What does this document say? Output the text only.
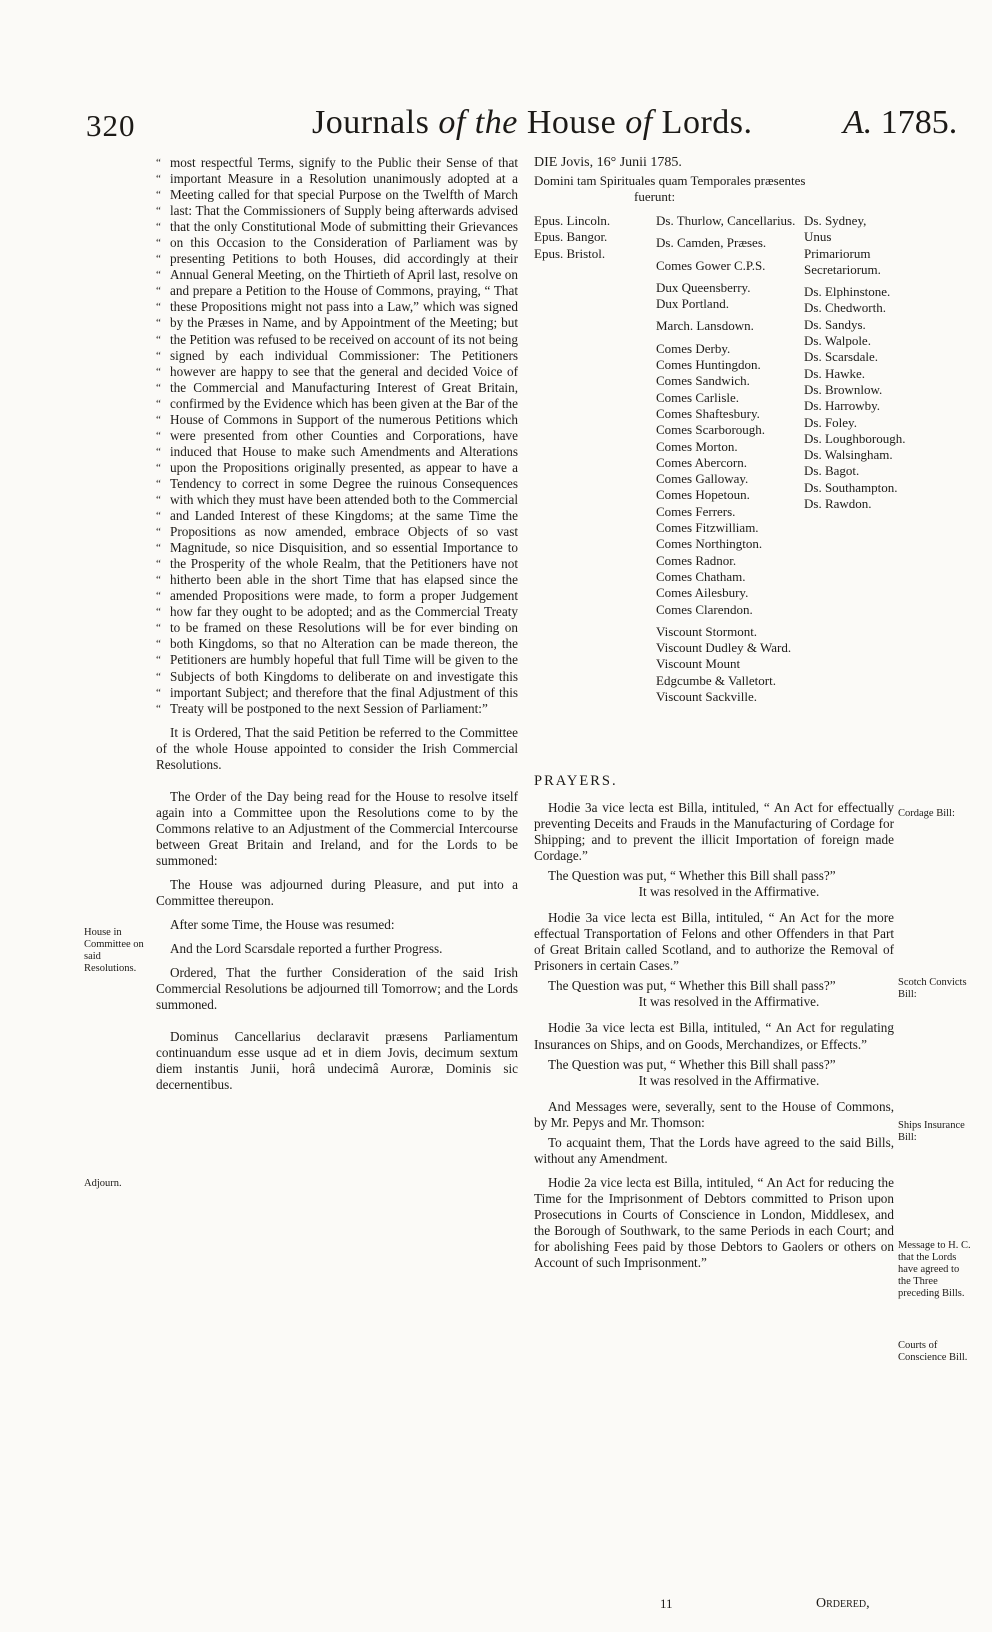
320	Journals of the House of Lords.	A. 1785.

“ “ “ “ “ “ “ “ “ “ “ “ “ “ “ “ “ “ “ “ “ “ “ “ “ “ “ “ “ “ “ “ “ “ “ “ “ “ “ “ “ “ “ “ most respectful Terms, signify to the Public their Sense of that important Measure in a Resolution unanimously adopted at a Meeting called for that special Purpose on the Twelfth of March last: That the Commissioners of Supply being afterwards advised that the only Constitutional Mode of submitting their Grievances on this Occasion to the Consideration of Parliament was by presenting Petitions to both Houses, did accordingly at their Annual General Meeting, on the Thirtieth of April last, resolve on and prepare a Petition to the House of Commons, praying, “ That these Propositions might not pass into a Law,” which was signed by the Præses in Name, and by Appointment of the Meeting; but the Petition was refused to be received on account of its not being signed by each individual Commissioner: The Petitioners however are happy to see that the general and decided Voice of the Commercial and Manufacturing Interest of Great Britain, confirmed by the Evidence which has been given at the Bar of the House of Commons in Support of the numerous Petitions which were presented from other Counties and Corporations, have induced that House to make such Amendments and Alterations upon the Propositions originally presented, as appear to have a Tendency to correct in some Degree the ruinous Consequences with which they must have been attended both to the Commercial and Landed Interest of these Kingdoms; at the same Time the Propositions as now amended, embrace Objects of so vast Magnitude, so nice Disquisition, and so essential Importance to the Prosperity of the whole Realm, that the Petitioners have not hitherto been able in the short Time that has elapsed since the amended Propositions were made, to form a proper Judgement how far they ought to be adopted; and as the Commercial Treaty to be framed on these Resolutions will be for ever binding on both Kingdoms, so that no Alteration can be made thereon, the Petitioners are humbly hopeful that full Time will be given to the Subjects of both Kingdoms to deliberate on and investigate this important Subject; and therefore that the final Adjustment of this Treaty will be postponed to the next Session of Parliament:”

It is Ordered, That the said Petition be referred to the Committee of the whole House appointed to consider the Irish Commercial Resolutions.

The Order of the Day being read for the House to resolve itself again into a Committee upon the Resolutions come to by the Commons relative to an Adjustment of the Commercial Intercourse between Great Britain and Ireland, and for the Lords to be summoned:

The House was adjourned during Pleasure, and put into a Committee thereupon.

After some Time, the House was resumed:

And the Lord Scarsdale reported a further Progress.

Ordered, That the further Consideration of the said Irish Commercial Resolutions be adjourned till Tomorrow; and the Lords summoned.

Dominus Cancellarius declaravit præsens Parliamentum continuandum esse usque ad et in diem Jovis, decimum sextum diem instantis Junii, horâ undecimâ Auroræ, Dominis sic decernentibus.

House in Committee on said Resolutions.
Adjourn.

DIE Jovis, 16° Junii 1785.

Domini tam Spirituales quam Temporales præsentes

fuerunt:

Epus. Lincoln.
Epus. Bangor.
Epus. Bristol.
Ds. Thurlow, Cancellarius.
Ds. Camden, Præses.
Comes Gower C.P.S.
Dux Queensberry.
Dux Portland.
March. Lansdown.
Comes Derby.
Comes Huntingdon.
Comes Sandwich.
Comes Carlisle.
Comes Shaftesbury.
Comes Scarborough.
Comes Morton.
Comes Abercorn.
Comes Galloway.
Comes Hopetoun.
Comes Ferrers.
Comes Fitzwilliam.
Comes Northington.
Comes Radnor.
Comes Chatham.
Comes Ailesbury.
Comes Clarendon.
Viscount Stormont.
Viscount Dudley & Ward.
Viscount Mount Edgcumbe & Valletort.
Viscount Sackville.
Ds. Sydney, Unus Primariorum Secretariorum.
Ds. Elphinstone.
Ds. Chedworth.
Ds. Sandys.
Ds. Walpole.
Ds. Scarsdale.
Ds. Hawke.
Ds. Brownlow.
Ds. Harrowby.
Ds. Foley.
Ds. Loughborough.
Ds. Walsingham.
Ds. Bagot.
Ds. Southampton.
Ds. Rawdon.

PRAYERS.

Hodie 3a vice lecta est Billa, intituled, “ An Act for effectually preventing Deceits and Frauds in the Manufacturing of Cordage for Shipping; and to prevent the illicit Importation of foreign made Cordage.”

The Question was put, “ Whether this Bill shall pass?”

It was resolved in the Affirmative.

Hodie 3a vice lecta est Billa, intituled, “ An Act for the more effectual Transportation of Felons and other Offenders in that Part of Great Britain called Scotland, and to authorize the Removal of Prisoners in certain Cases.”

The Question was put, “ Whether this Bill shall pass?”

It was resolved in the Affirmative.

Hodie 3a vice lecta est Billa, intituled, “ An Act for regulating Insurances on Ships, and on Goods, Merchandizes, or Effects.”

The Question was put, “ Whether this Bill shall pass?”

It was resolved in the Affirmative.

And Messages were, severally, sent to the House of Commons, by Mr. Pepys and Mr. Thomson:

To acquaint them, That the Lords have agreed to the said Bills, without any Amendment.

Hodie 2a vice lecta est Billa, intituled, “ An Act for reducing the Time for the Imprisonment of Debtors committed to Prison upon Prosecutions in Courts of Conscience in London, Middlesex, and the Borough of Southwark, to the same Periods in each Court; and for abolishing Fees paid by those Debtors to Gaolers or others on Account of such Imprisonment.”

Cordage Bill:
Scotch Convicts Bill:
Ships Insurance Bill:
Message to H. C. that the Lords have agreed to the Three preceding Bills.
Courts of Conscience Bill.
11	Ordered,
